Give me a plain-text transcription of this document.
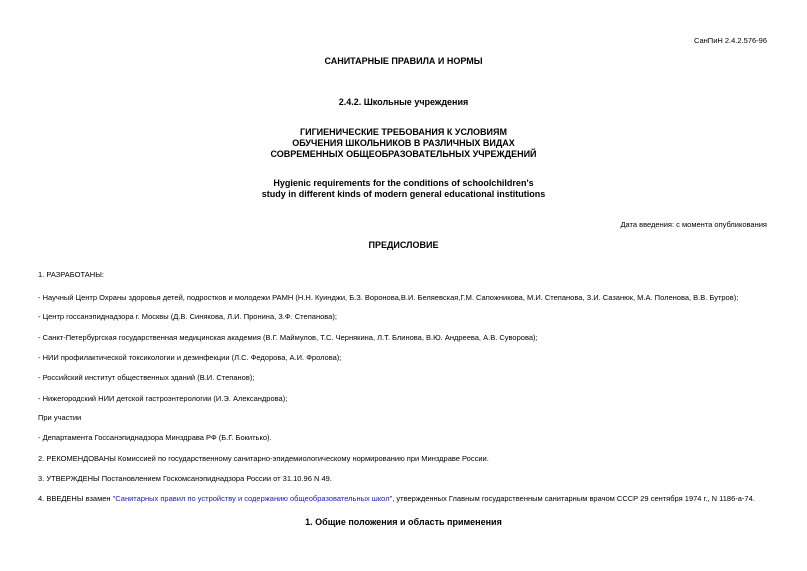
СанПиН 2.4.2.576-96
САНИТАРНЫЕ ПРАВИЛА И НОРМЫ
2.4.2. Школьные учреждения
ГИГИЕНИЧЕСКИЕ ТРЕБОВАНИЯ К УСЛОВИЯМ
ОБУЧЕНИЯ ШКОЛЬНИКОВ В РАЗЛИЧНЫХ ВИДАХ
СОВРЕМЕННЫХ ОБЩЕОБРАЗОВАТЕЛЬНЫХ УЧРЕЖДЕНИЙ
Hygienic requirements for the conditions of schoolchildren's
study in different kinds of modern general educational institutions
Дата введения: с момента опубликования
ПРЕДИСЛОВИЕ
1. РАЗРАБОТАНЫ:
- Научный Центр Охраны здоровья детей, подростков и молодежи РАМН (Н.Н. Куинджи, Б.З. Воронова,В.И. Беляевская,Г.М. Сапожникова, М.И. Степанова, З.И. Сазанюк, М.А. Поленова, В.В. Бутров);
- Центр госсанэпиднадзора г. Москвы (Д.В. Синякова, Л.И. Пронина, З.Ф. Степанова);
- Санкт-Петербургская государственная медицинская академия (В.Г. Маймулов, Т.С. Чернякина, Л.Т. Блинова, В.Ю. Андреева, А.В. Суворова);
- НИИ профилактической токсикологии и дезинфекции (Л.С. Федорова, А.И. Фролова);
- Российский институт общественных зданий (В.И. Степанов);
- Нижегородский НИИ детской гастроэнтерологии (И.Э. Александрова);
При участии
- Департамента Госсанэпиднадзора Минздрава РФ (Б.Г. Бокитько).
2. РЕКОМЕНДОВАНЫ Комиссией по государственному санитарно-эпидемиологическому нормированию при Минздраве России.
3. УТВЕРЖДЕНЫ Постановлением Госкомсанэпиднадзора России от 31.10.96 N 49.
4. ВВЕДЕНЫ взамен "Санитарных правил по устройству и содержанию общеобразовательных школ", утвержденных Главным государственным санитарным врачом СССР 29 сентября 1974 г., N 1186-а-74.
1. Общие положения и область применения
